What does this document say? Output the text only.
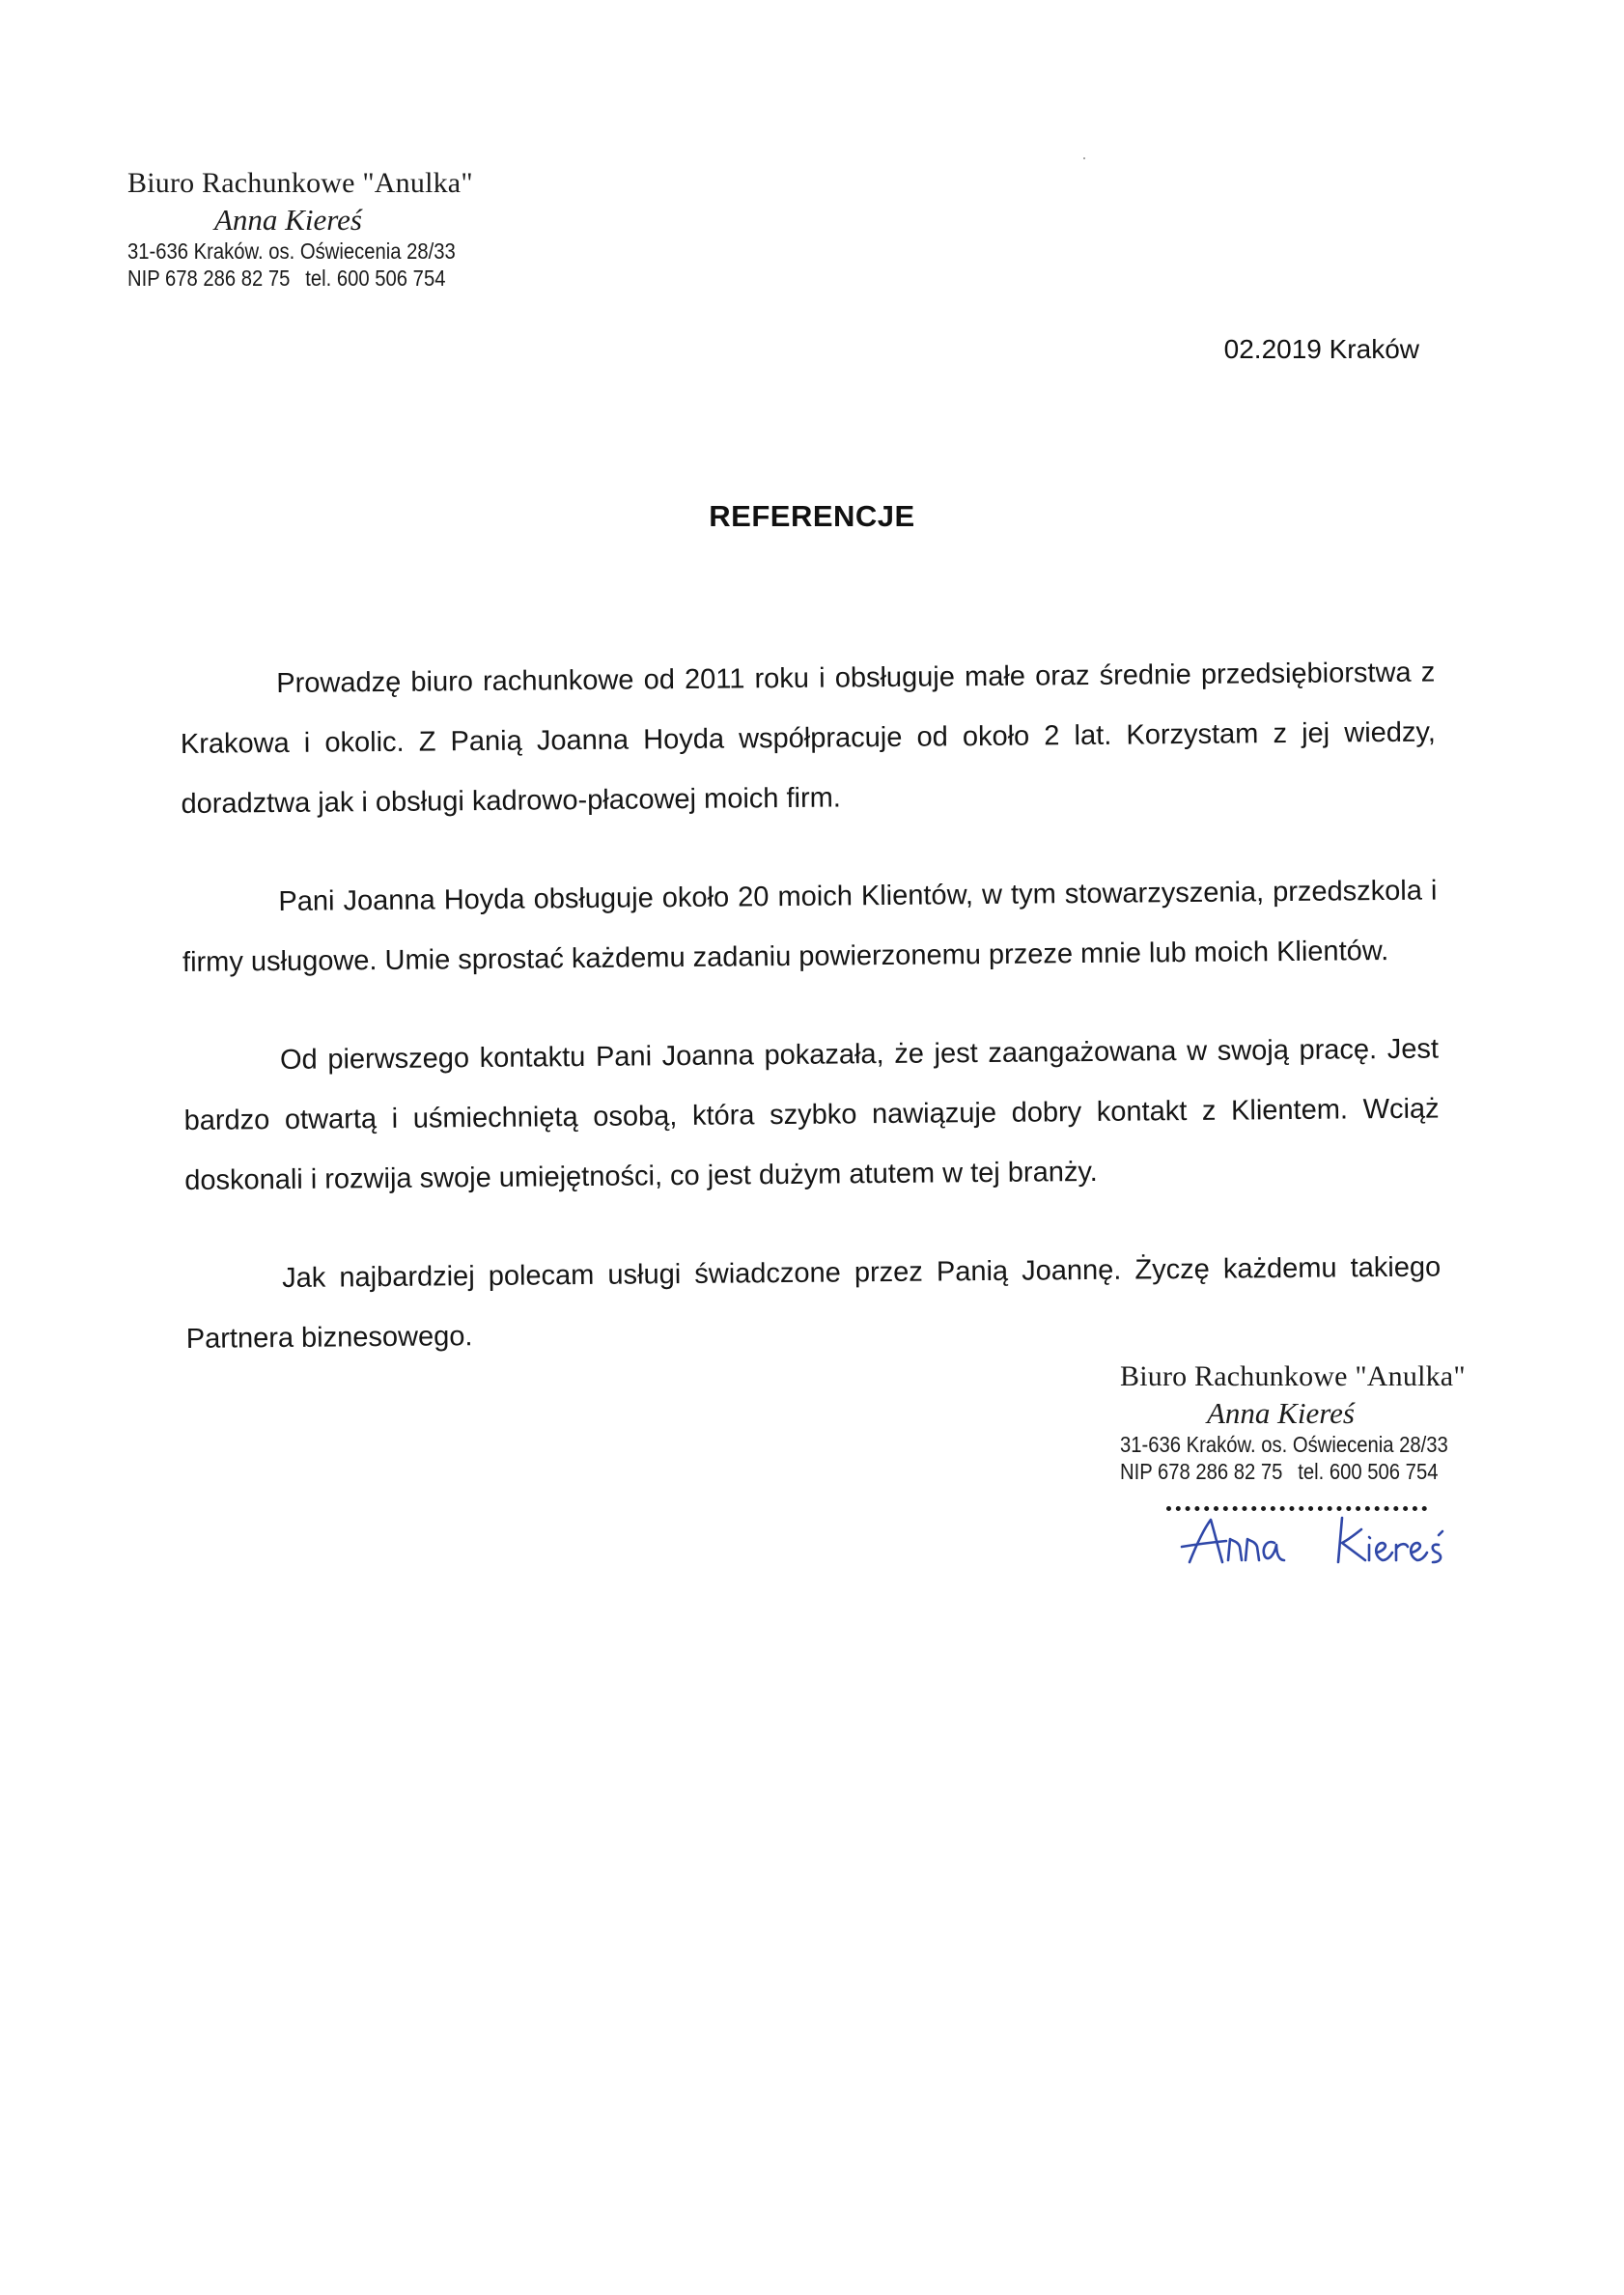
Biuro Rachunkowe "Anulka"
Anna Kiereś
31-636 Kraków. os. Oświecenia 28/33
NIP 678 286 82 75 tel. 600 506 754
02.2019 Kraków
REFERENCJE

Prowadzę biuro rachunkowe od 2011 roku i obsługuje małe oraz średnie przedsiębiorstwa z Krakowa i okolic. Z Panią Joanna Hoyda współpracuje od około 2 lat. Korzystam z jej wiedzy, doradztwa jak i obsługi kadrowo-płacowej moich firm.

Pani Joanna Hoyda obsługuje około 20 moich Klientów, w tym stowarzyszenia, przedszkola i firmy usługowe. Umie sprostać każdemu zadaniu powierzonemu przeze mnie lub moich Klientów.

Od pierwszego kontaktu Pani Joanna pokazała, że jest zaangażowana w swoją pracę. Jest bardzo otwartą i uśmiechniętą osobą, która szybko nawiązuje dobry kontakt z Klientem. Wciąż doskonali i rozwija swoje umiejętności, co jest dużym atutem w tej branży.

Jak najbardziej polecam usługi świadczone przez Panią Joannę. Życzę każdemu takiego Partnera biznesowego.

Biuro Rachunkowe "Anulka"
Anna Kiereś
31-636 Kraków. os. Oświecenia 28/33
NIP 678 286 82 75 tel. 600 506 754
